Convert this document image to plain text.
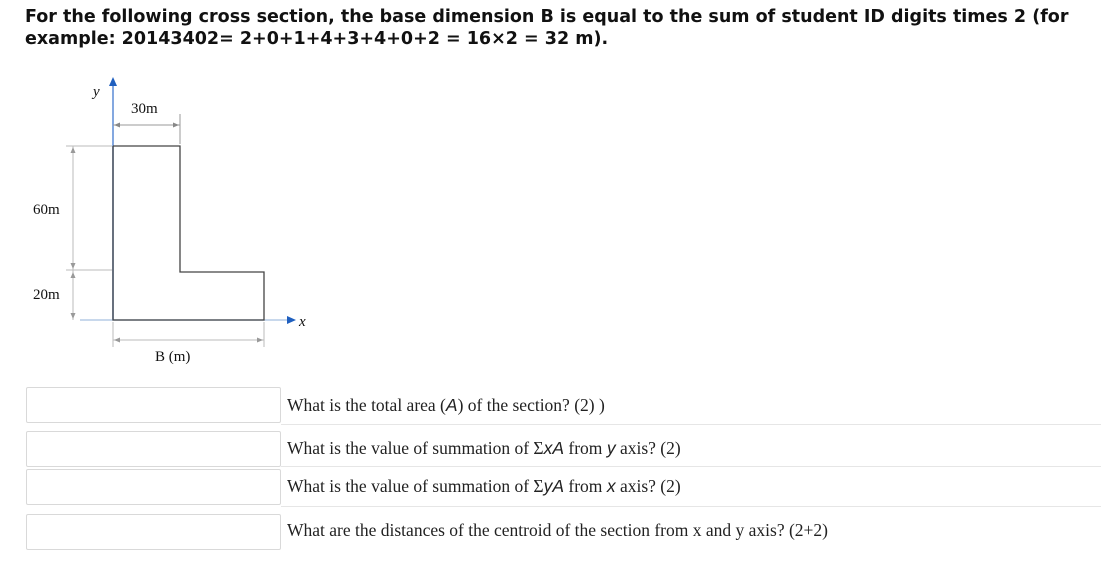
For the following cross section, the base dimension B is equal to the sum of student ID digits times 2 (for
example: 20143402= 2+0+1+4+3+4+0+2 = 16×2 = 32 m).
y
x
30m
60m
20m
B (m)
What is the total area (A) of the section? (2) )
What is the value of summation of ΣxA from y axis? (2)
What is the value of summation of ΣyA from x axis? (2)
What are the distances of the centroid of the section from x and y axis? (2+2)
